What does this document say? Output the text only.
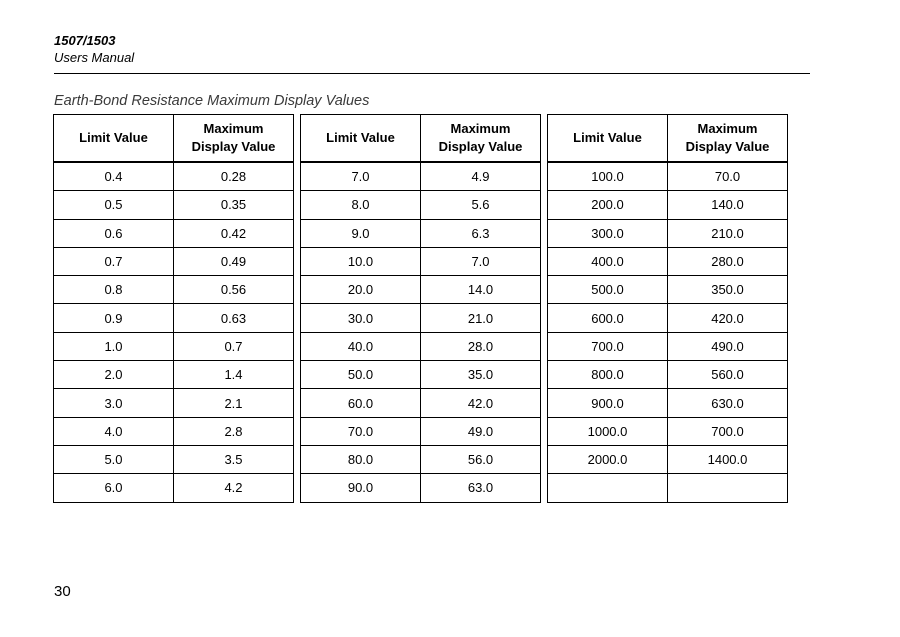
1507/1503
Users Manual
Earth-Bond Resistance Maximum Display Values
Limit Value	Maximum
Display Value

0.4	0.28
0.5	0.35
0.6	0.42
0.7	0.49
0.8	0.56
0.9	0.63
1.0	0.7
2.0	1.4
3.0	2.1
4.0	2.8
5.0	3.5
6.0	4.2
Limit Value	Maximum
Display Value

7.0	4.9
8.0	5.6
9.0	6.3
10.0	7.0
20.0	14.0
30.0	21.0
40.0	28.0
50.0	35.0
60.0	42.0
70.0	49.0
80.0	56.0
90.0	63.0
Limit Value	Maximum
Display Value

100.0	70.0
200.0	140.0
300.0	210.0
400.0	280.0
500.0	350.0
600.0	420.0
700.0	490.0
800.0	560.0
900.0	630.0
1000.0	700.0
2000.0	1400.0

30
